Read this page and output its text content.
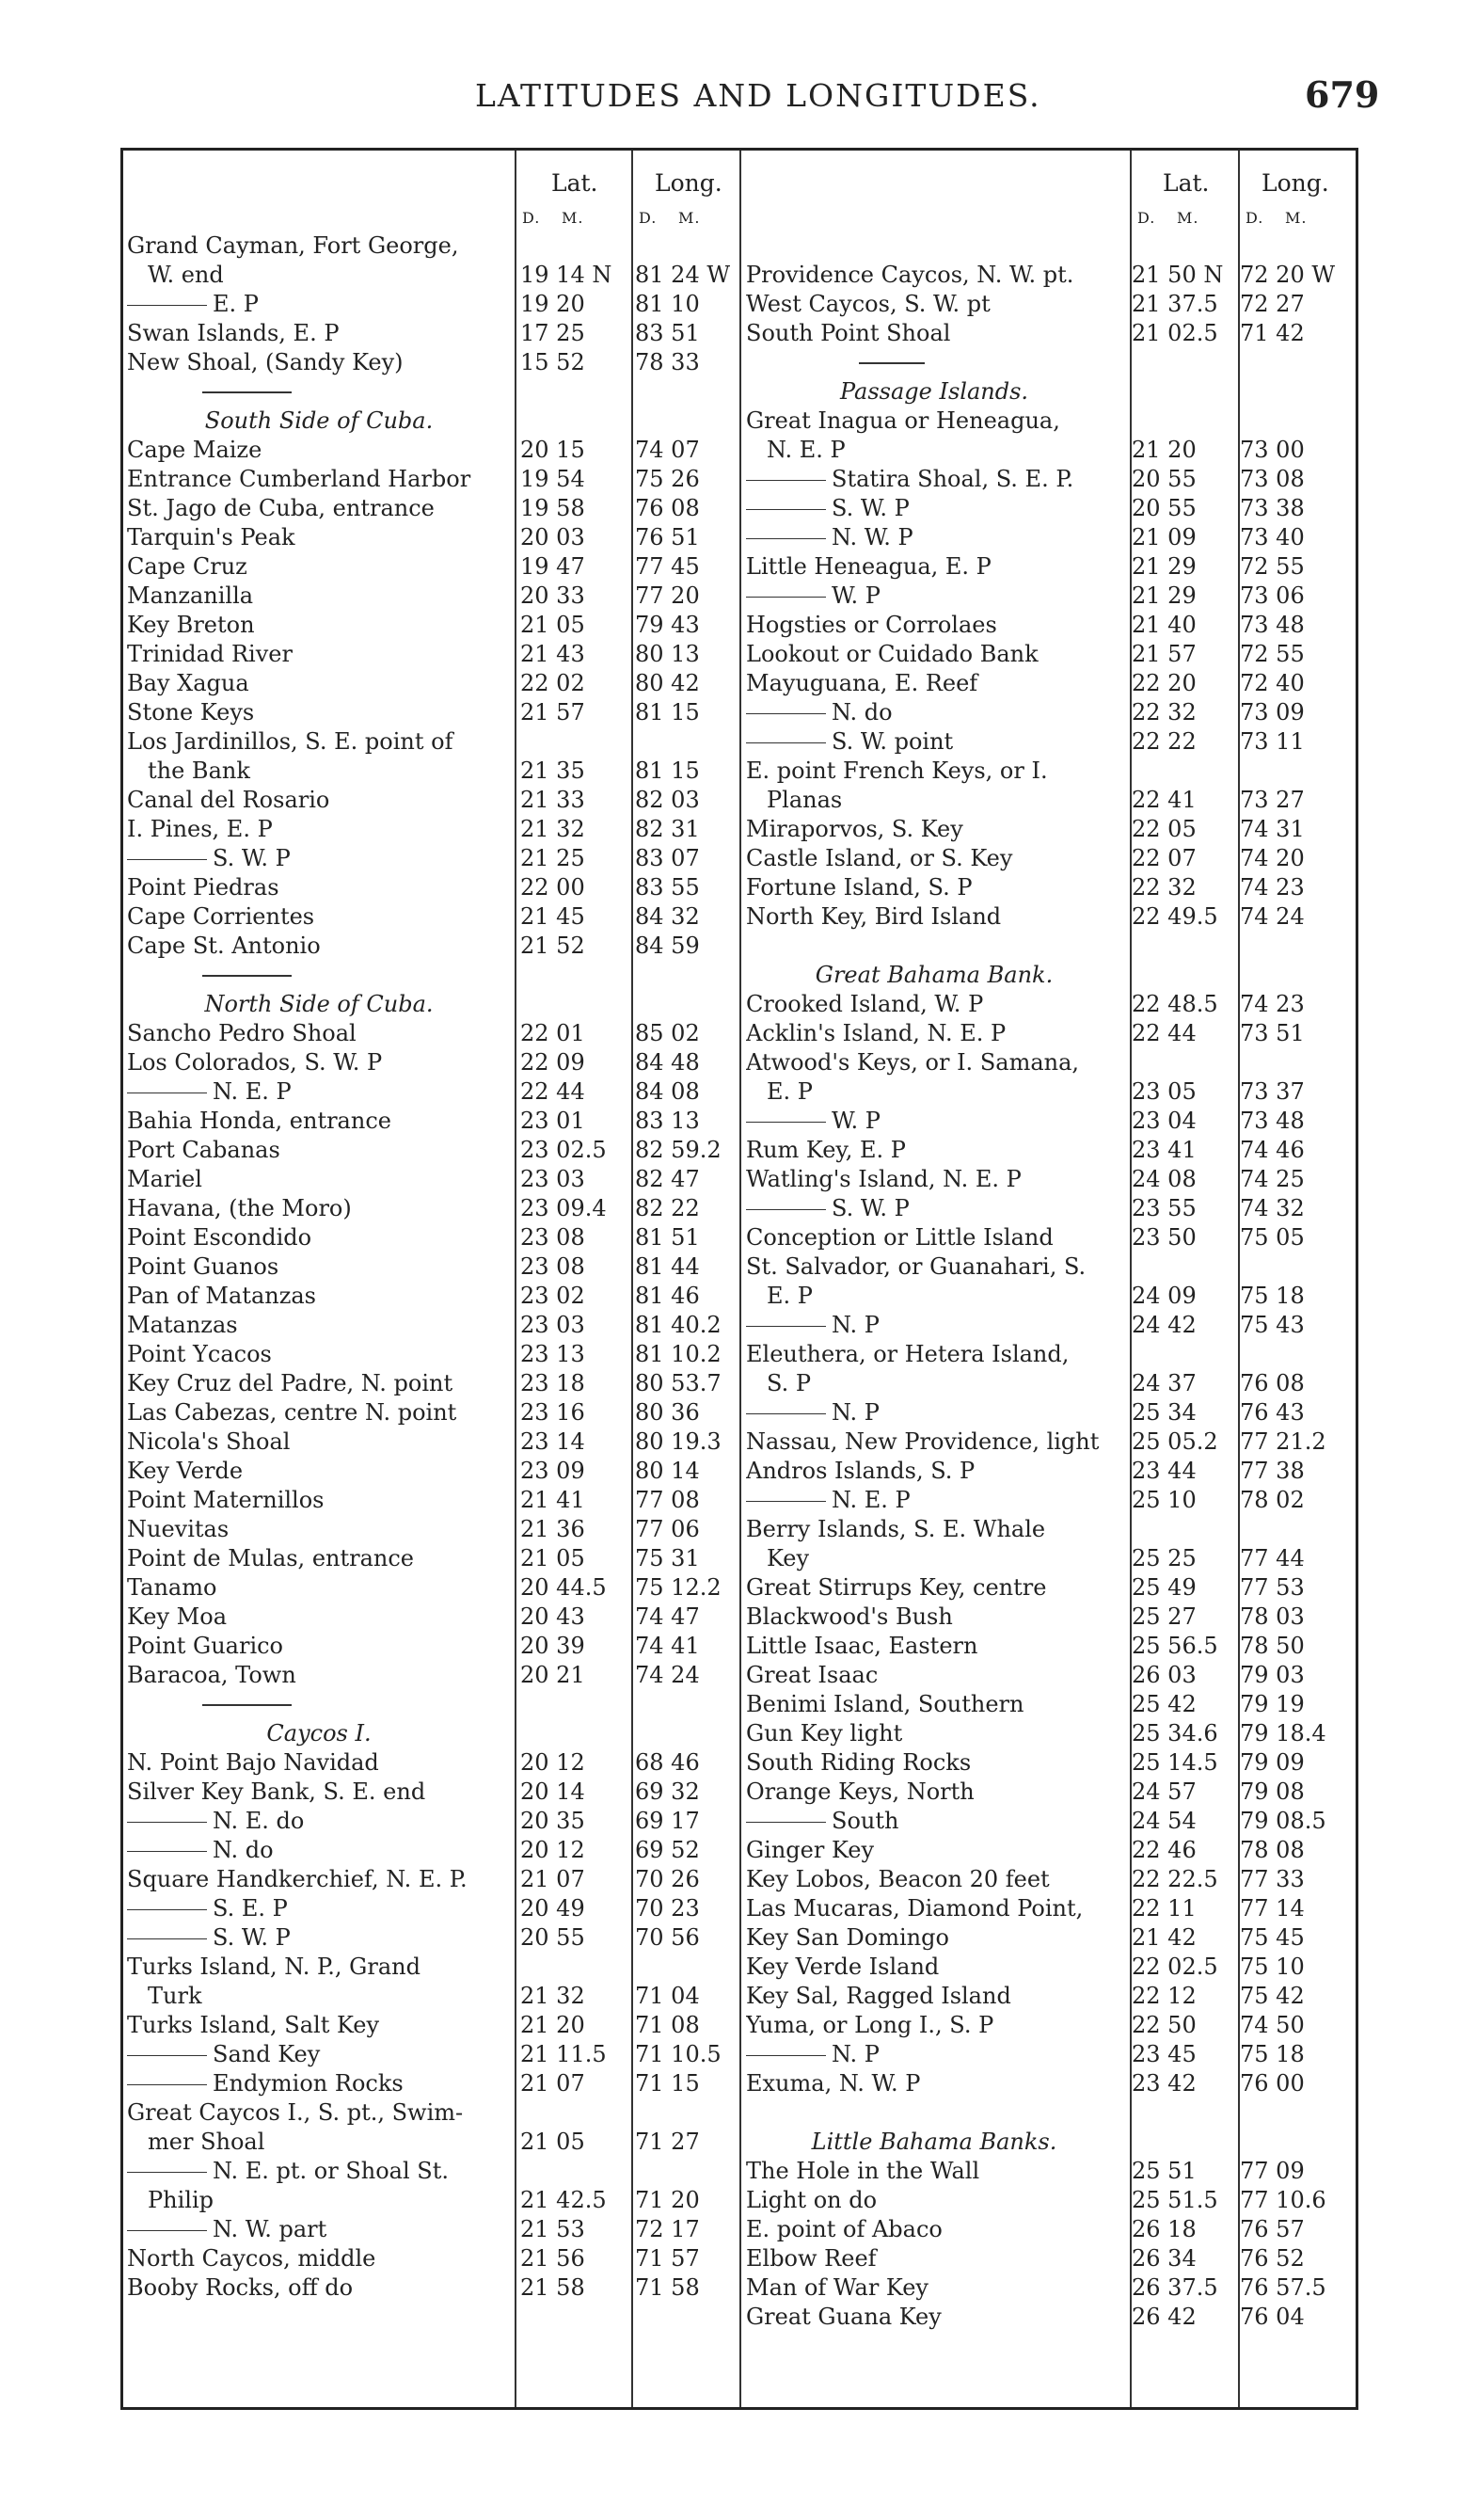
LATITUDES AND LONGITUDES.	679
Lat. Long.
D. M.	D. M.
Lat. Long.
D. M.	D. M.
Grand Cayman, Fort George,
W. end	19 14 N 81 24 W
E. P	19 20 81 10
Swan Islands, E. P	17 25 83 51
New Shoal, (Sandy Key)	15 52 78 33
South Side of Cuba.
Cape Maize	20 15 74 07
Entrance Cumberland Harbor 19 54 75 26
St. Jago de Cuba, entrance	19 58 76 08
Tarquin's Peak	20 03 76 51
Cape Cruz	19 47 77 45
Manzanilla	20 33 77 20
Key Breton	21 05 79 43
Trinidad River	21 43 80 13
Bay Xagua	22 02 80 42
Stone Keys	21 57 81 15
Los Jardinillos, S. E. point of
the Bank	21 35 81 15
Canal del Rosario	21 33 82 03
I. Pines, E. P	21 32 82 31
S. W. P	21 25 83 07
Point Piedras	22 00 83 55
Cape Corrientes	21 45 84 32
Cape St. Antonio	21 52 84 59
North Side of Cuba.
Sancho Pedro Shoal	22 01 85 02
Los Colorados, S. W. P	22 09 84 48
N. E. P	22 44 84 08
Bahia Honda, entrance	23 01 83 13
Port Cabanas	23 02.5 82 59.2
Mariel	23 03 82 47
Havana, (the Moro)	23 09.4 82 22
Point Escondido	23 08 81 51
Point Guanos	23 08 81 44
Pan of Matanzas	23 02 81 46
Matanzas	23 03 81 40.2
Point Ycacos	23 13 81 10.2
Key Cruz del Padre, N. point	23 18 80 53.7
Las Cabezas, centre N. point	23 16 80 36
Nicola's Shoal	23 14 80 19.3
Key Verde	23 09 80 14
Point Maternillos	21 41 77 08
Nuevitas	21 36 77 06
Point de Mulas, entrance	21 05 75 31
Tanamo	20 44.5 75 12.2
Key Moa	20 43 74 47
Point Guarico	20 39 74 41
Baracoa, Town	20 21 74 24
Caycos I.
N. Point Bajo Navidad	20 12 68 46
Silver Key Bank, S. E. end	20 14 69 32
N. E. do	20 35 69 17
N. do	20 12 69 52
Square Handkerchief, N. E. P. 21 07 70 26
S. E. P	20 49 70 23
S. W. P	20 55 70 56
Turks Island, N. P., Grand
Turk	21 32 71 04
Turks Island, Salt Key	21 20 71 08
Sand Key	21 11.5 71 10.5
Endymion Rocks	21 07 71 15
Great Caycos I., S. pt., Swim-
mer Shoal	21 05 71 27
N. E. pt. or Shoal St.
Philip	21 42.5 71 20
N. W. part	21 53 72 17
North Caycos, middle	21 56 71 57
Booby Rocks, off do	21 58 71 58
Providence Caycos, N. W. pt.	21 50 N 72 20 W
West Caycos, S. W. pt	21 37.5 72 27
South Point Shoal	21 02.5 71 42
Passage Islands.
Great Inagua or Heneagua,
N. E. P	21 20 73 00
Statira Shoal, S. E. P.	20 55 73 08
S. W. P	20 55 73 38
N. W. P	21 09 73 40
Little Heneagua, E. P	21 29 72 55
W. P	21 29 73 06
Hogsties or Corrolaes	21 40 73 48
Lookout or Cuidado Bank	21 57 72 55
Mayuguana, E. Reef	22 20 72 40
N. do	22 32 73 09
S. W. point	22 22 73 11
E. point French Keys, or I.
Planas	22 41 73 27
Miraporvos, S. Key	22 05 74 31
Castle Island, or S. Key	22 07 74 20
Fortune Island, S. P	22 32 74 23
North Key, Bird Island	22 49.5 74 24
Great Bahama Bank.
Crooked Island, W. P	22 48.5 74 23
Acklin's Island, N. E. P	22 44 73 51
Atwood's Keys, or I. Samana,
E. P	23 05 73 37
W. P	23 04 73 48
Rum Key, E. P	23 41 74 46
Watling's Island, N. E. P	24 08 74 25
S. W. P	23 55 74 32
Conception or Little Island	23 50 75 05
St. Salvador, or Guanahari, S.
E. P	24 09 75 18
N. P	24 42 75 43
Eleuthera, or Hetera Island,
S. P	24 37 76 08
N. P	25 34 76 43
Nassau, New Providence, light 25 05.2 77 21.2
Andros Islands, S. P	23 44 77 38
N. E. P	25 10 78 02
Berry Islands, S. E. Whale
Key	25 25 77 44
Great Stirrups Key, centre	25 49 77 53
Blackwood's Bush	25 27 78 03
Little Isaac, Eastern	25 56.5 78 50
Great Isaac	26 03 79 03
Benimi Island, Southern	25 42 79 19
Gun Key light	25 34.6 79 18.4
South Riding Rocks	25 14.5 79 09
Orange Keys, North	24 57 79 08
South	24 54 79 08.5
Ginger Key	22 46 78 08
Key Lobos, Beacon 20 feet	22 22.5 77 33
Las Mucaras, Diamond Point, 22 11 77 14
Key San Domingo	21 42 75 45
Key Verde Island	22 02.5 75 10
Key Sal, Ragged Island	22 12 75 42
Yuma, or Long I., S. P	22 50 74 50
N. P	23 45 75 18
Exuma, N. W. P	23 42 76 00
Little Bahama Banks.
The Hole in the Wall	25 51 77 09
Light on do	25 51.5 77 10.6
E. point of Abaco	26 18 76 57
Elbow Reef	26 34 76 52
Man of War Key	26 37.5 76 57.5
Great Guana Key	26 42 76 04
